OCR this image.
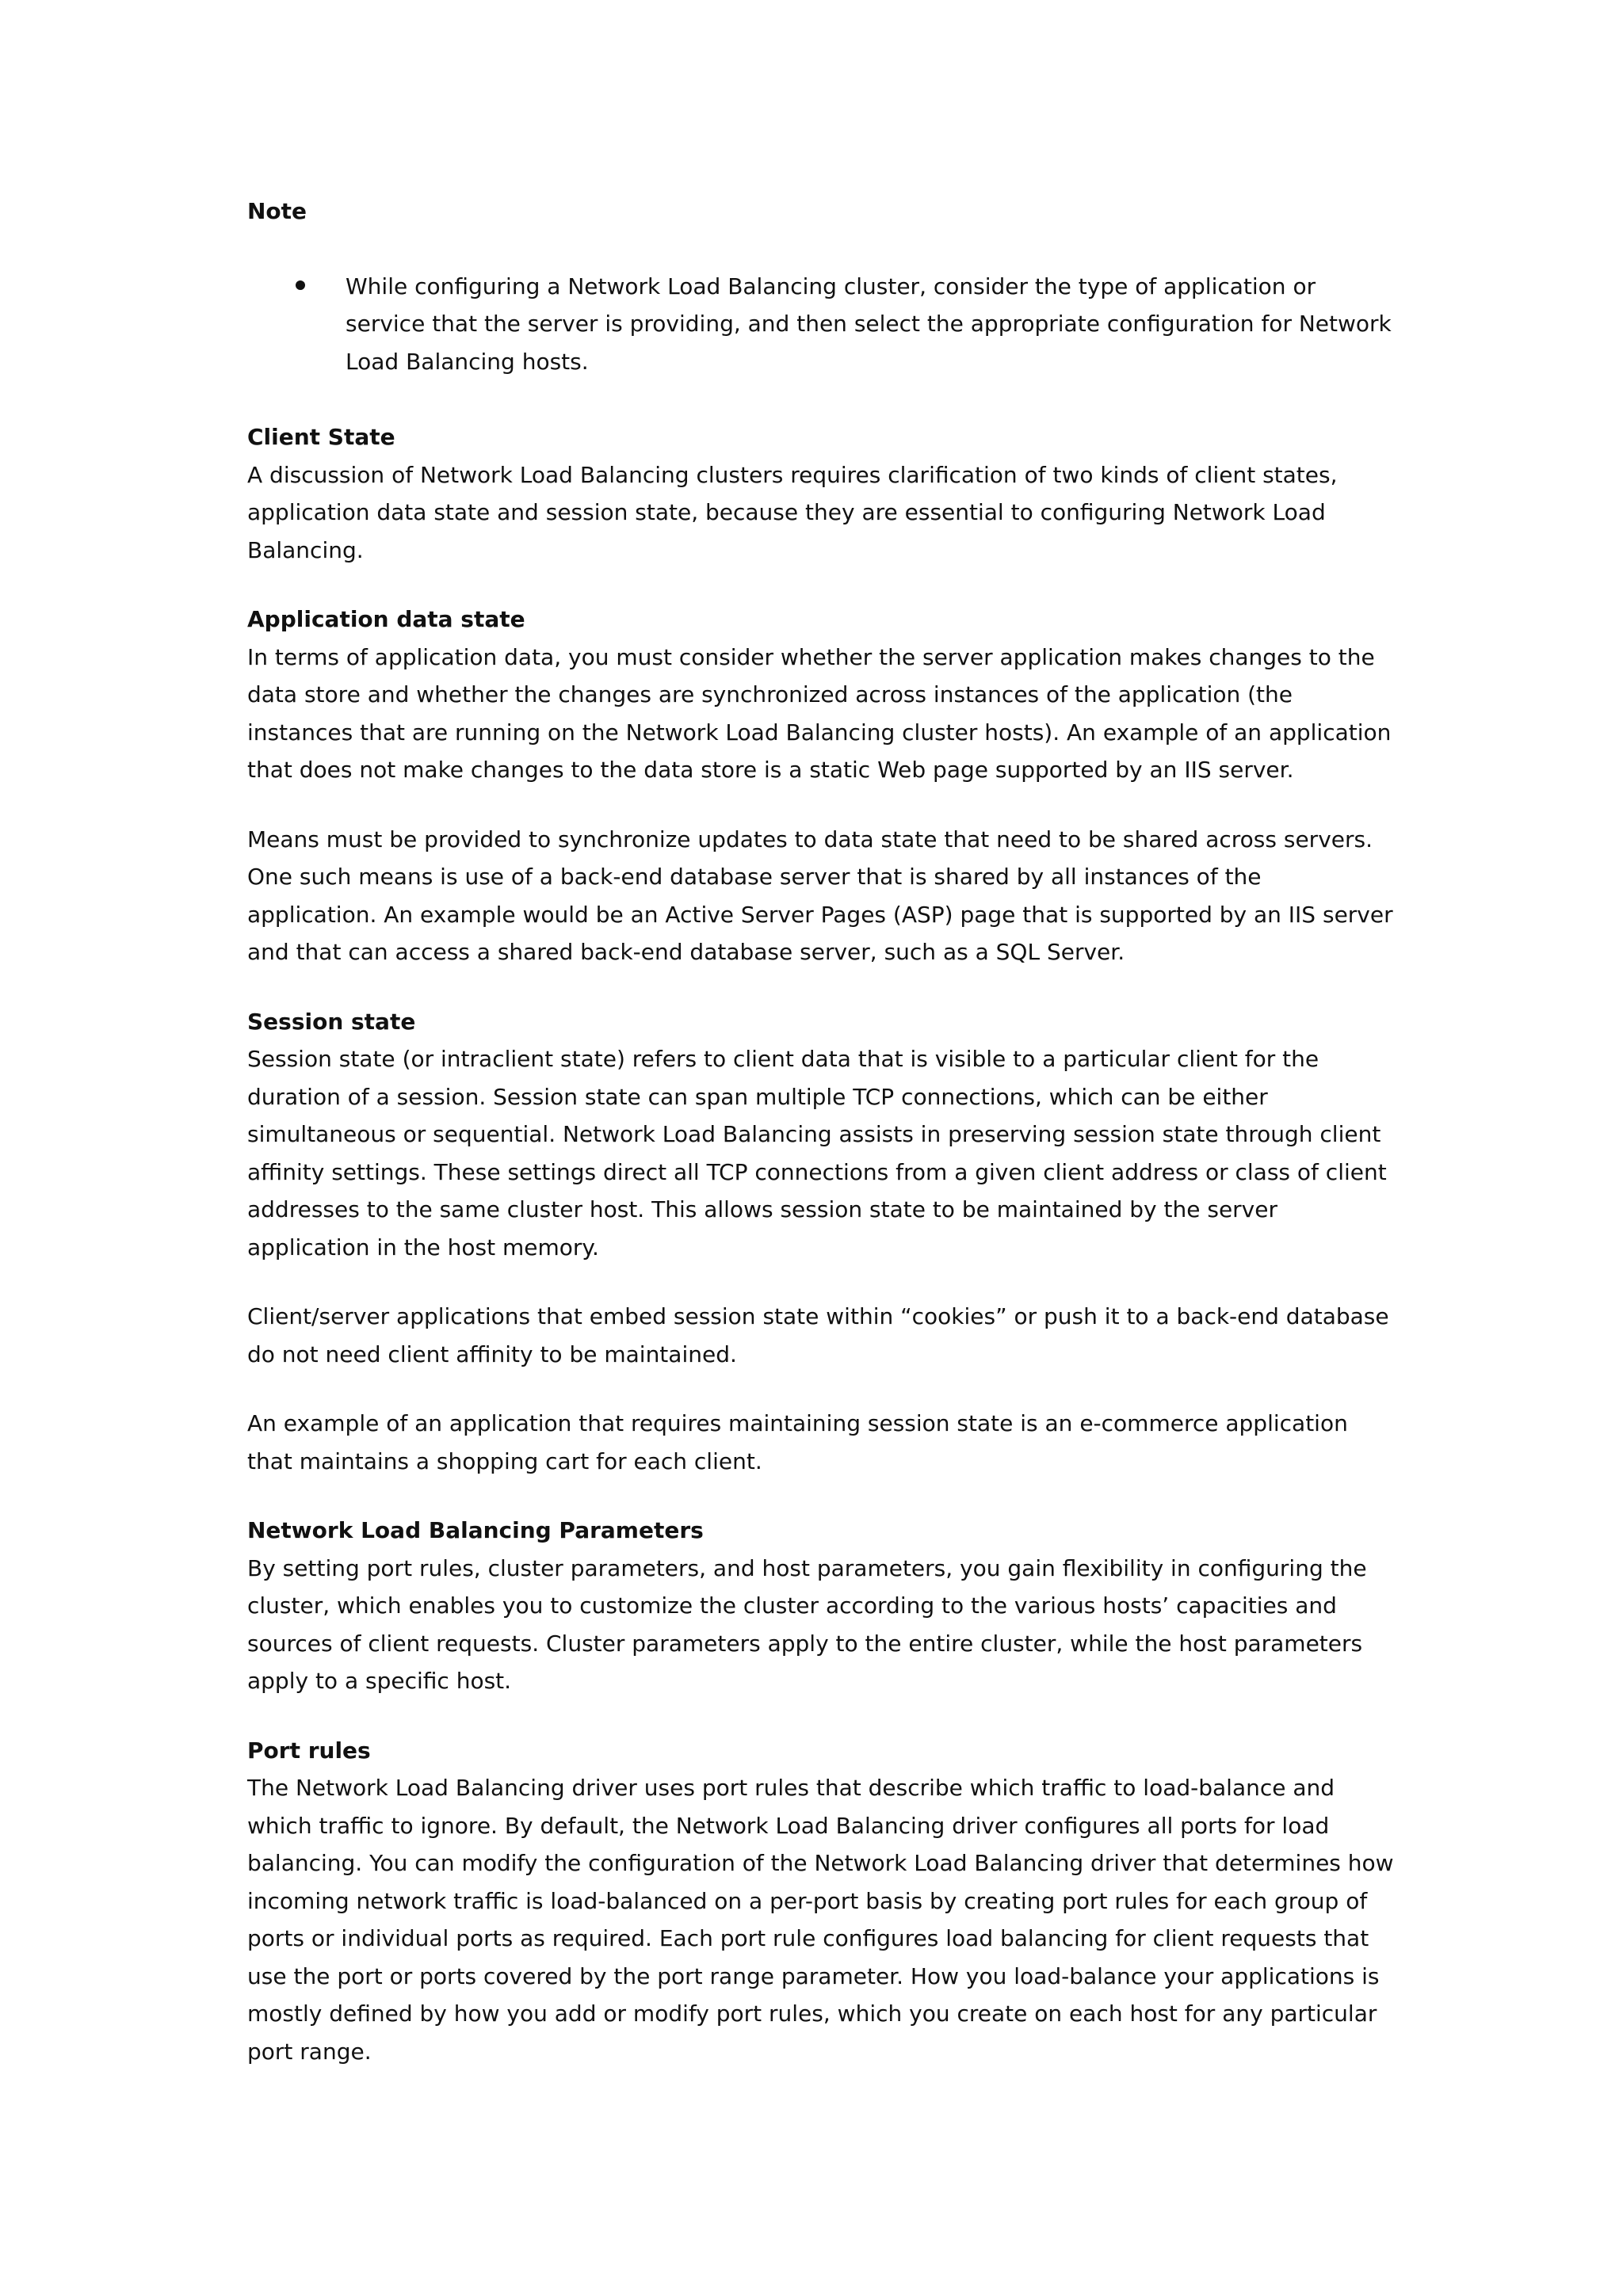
Note

While configuring a Network Load Balancing cluster, consider the type of application or service that the server is providing, and then select the appropriate configuration for Network Load Balancing hosts.

Client State

A discussion of Network Load Balancing clusters requires clarification of two kinds of client states, application data state and session state, because they are essential to configuring Network Load Balancing.

Application data state

In terms of application data, you must consider whether the server application makes changes to the data store and whether the changes are synchronized across instances of the application (the instances that are running on the Network Load Balancing cluster hosts). An example of an application that does not make changes to the data store is a static Web page supported by an IIS server.

Means must be provided to synchronize updates to data state that need to be shared across servers. One such means is use of a back-end database server that is shared by all instances of the application. An example would be an Active Server Pages (ASP) page that is supported by an IIS server and that can access a shared back-end database server, such as a SQL Server.

Session state

Session state (or intraclient state) refers to client data that is visible to a particular client for the duration of a session. Session state can span multiple TCP connections, which can be either simultaneous or sequential. Network Load Balancing assists in preserving session state through client affinity settings. These settings direct all TCP connections from a given client address or class of client addresses to the same cluster host. This allows session state to be maintained by the server application in the host memory.

Client/server applications that embed session state within “cookies” or push it to a back-end database do not need client affinity to be maintained.

An example of an application that requires maintaining session state is an e-commerce application that maintains a shopping cart for each client.

Network Load Balancing Parameters

By setting port rules, cluster parameters, and host parameters, you gain flexibility in configuring the cluster, which enables you to customize the cluster according to the various hosts’ capacities and sources of client requests. Cluster parameters apply to the entire cluster, while the host parameters apply to a specific host.

Port rules

The Network Load Balancing driver uses port rules that describe which traffic to load-balance and which traffic to ignore. By default, the Network Load Balancing driver configures all ports for load balancing. You can modify the configuration of the Network Load Balancing driver that determines how incoming network traffic is load-balanced on a per-port basis by creating port rules for each group of ports or individual ports as required. Each port rule configures load balancing for client requests that use the port or ports covered by the port range parameter. How you load-balance your applications is mostly defined by how you add or modify port rules, which you create on each host for any particular port range.
